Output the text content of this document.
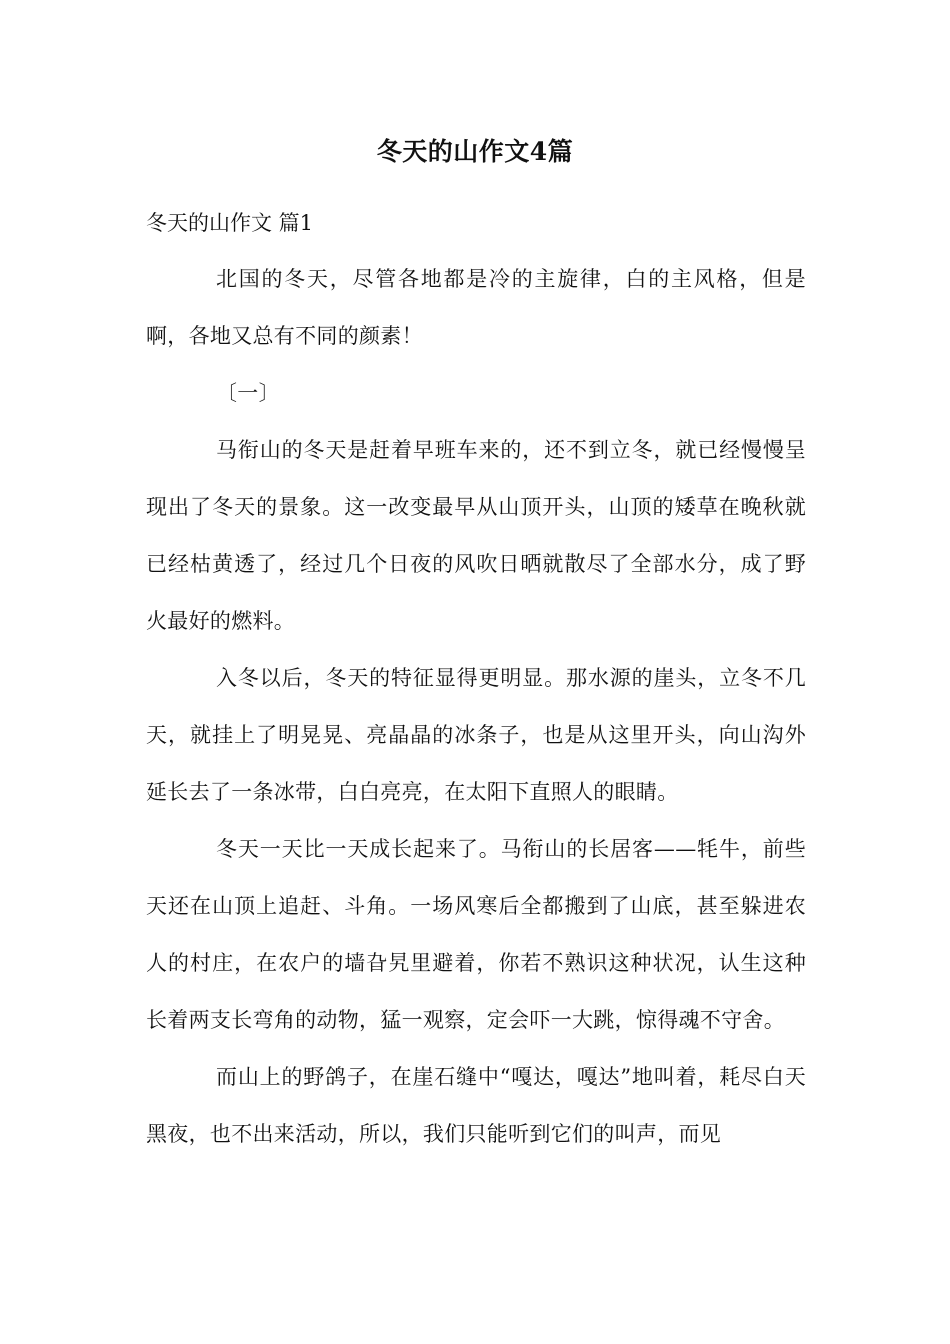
冬天的山作文4篇
冬天的山作文 篇1

北国的冬天，尽管各地都是冷的主旋律，白的主风格，但是啊，各地又总有不同的颜素！

〔一〕

马衔山的冬天是赶着早班车来的，还不到立冬，就已经慢慢呈现出了冬天的景象。这一改变最早从山顶开头，山顶的矮草在晚秋就已经枯黄透了，经过几个日夜的风吹日晒就散尽了全部水分，成了野火最好的燃料。

入冬以后，冬天的特征显得更明显。那水源的崖头，立冬不几天，就挂上了明晃晃、亮晶晶的冰条子，也是从这里开头，向山沟外延长去了一条冰带，白白亮亮，在太阳下直照人的眼睛。

冬天一天比一天成长起来了。马衔山的长居客——牦牛，前些天还在山顶上追赶、斗角。一场风寒后全都搬到了山底，甚至躲进农人的村庄，在农户的墙旮旯里避着，你若不熟识这种状况，认生这种长着两支长弯角的动物，猛一观察，定会吓一大跳，惊得魂不守舍。

而山上的野鸽子，在崖石缝中“嘎达，嘎达”地叫着，耗尽白天黑夜，也不出来活动，所以，我们只能听到它们的叫声，而见
